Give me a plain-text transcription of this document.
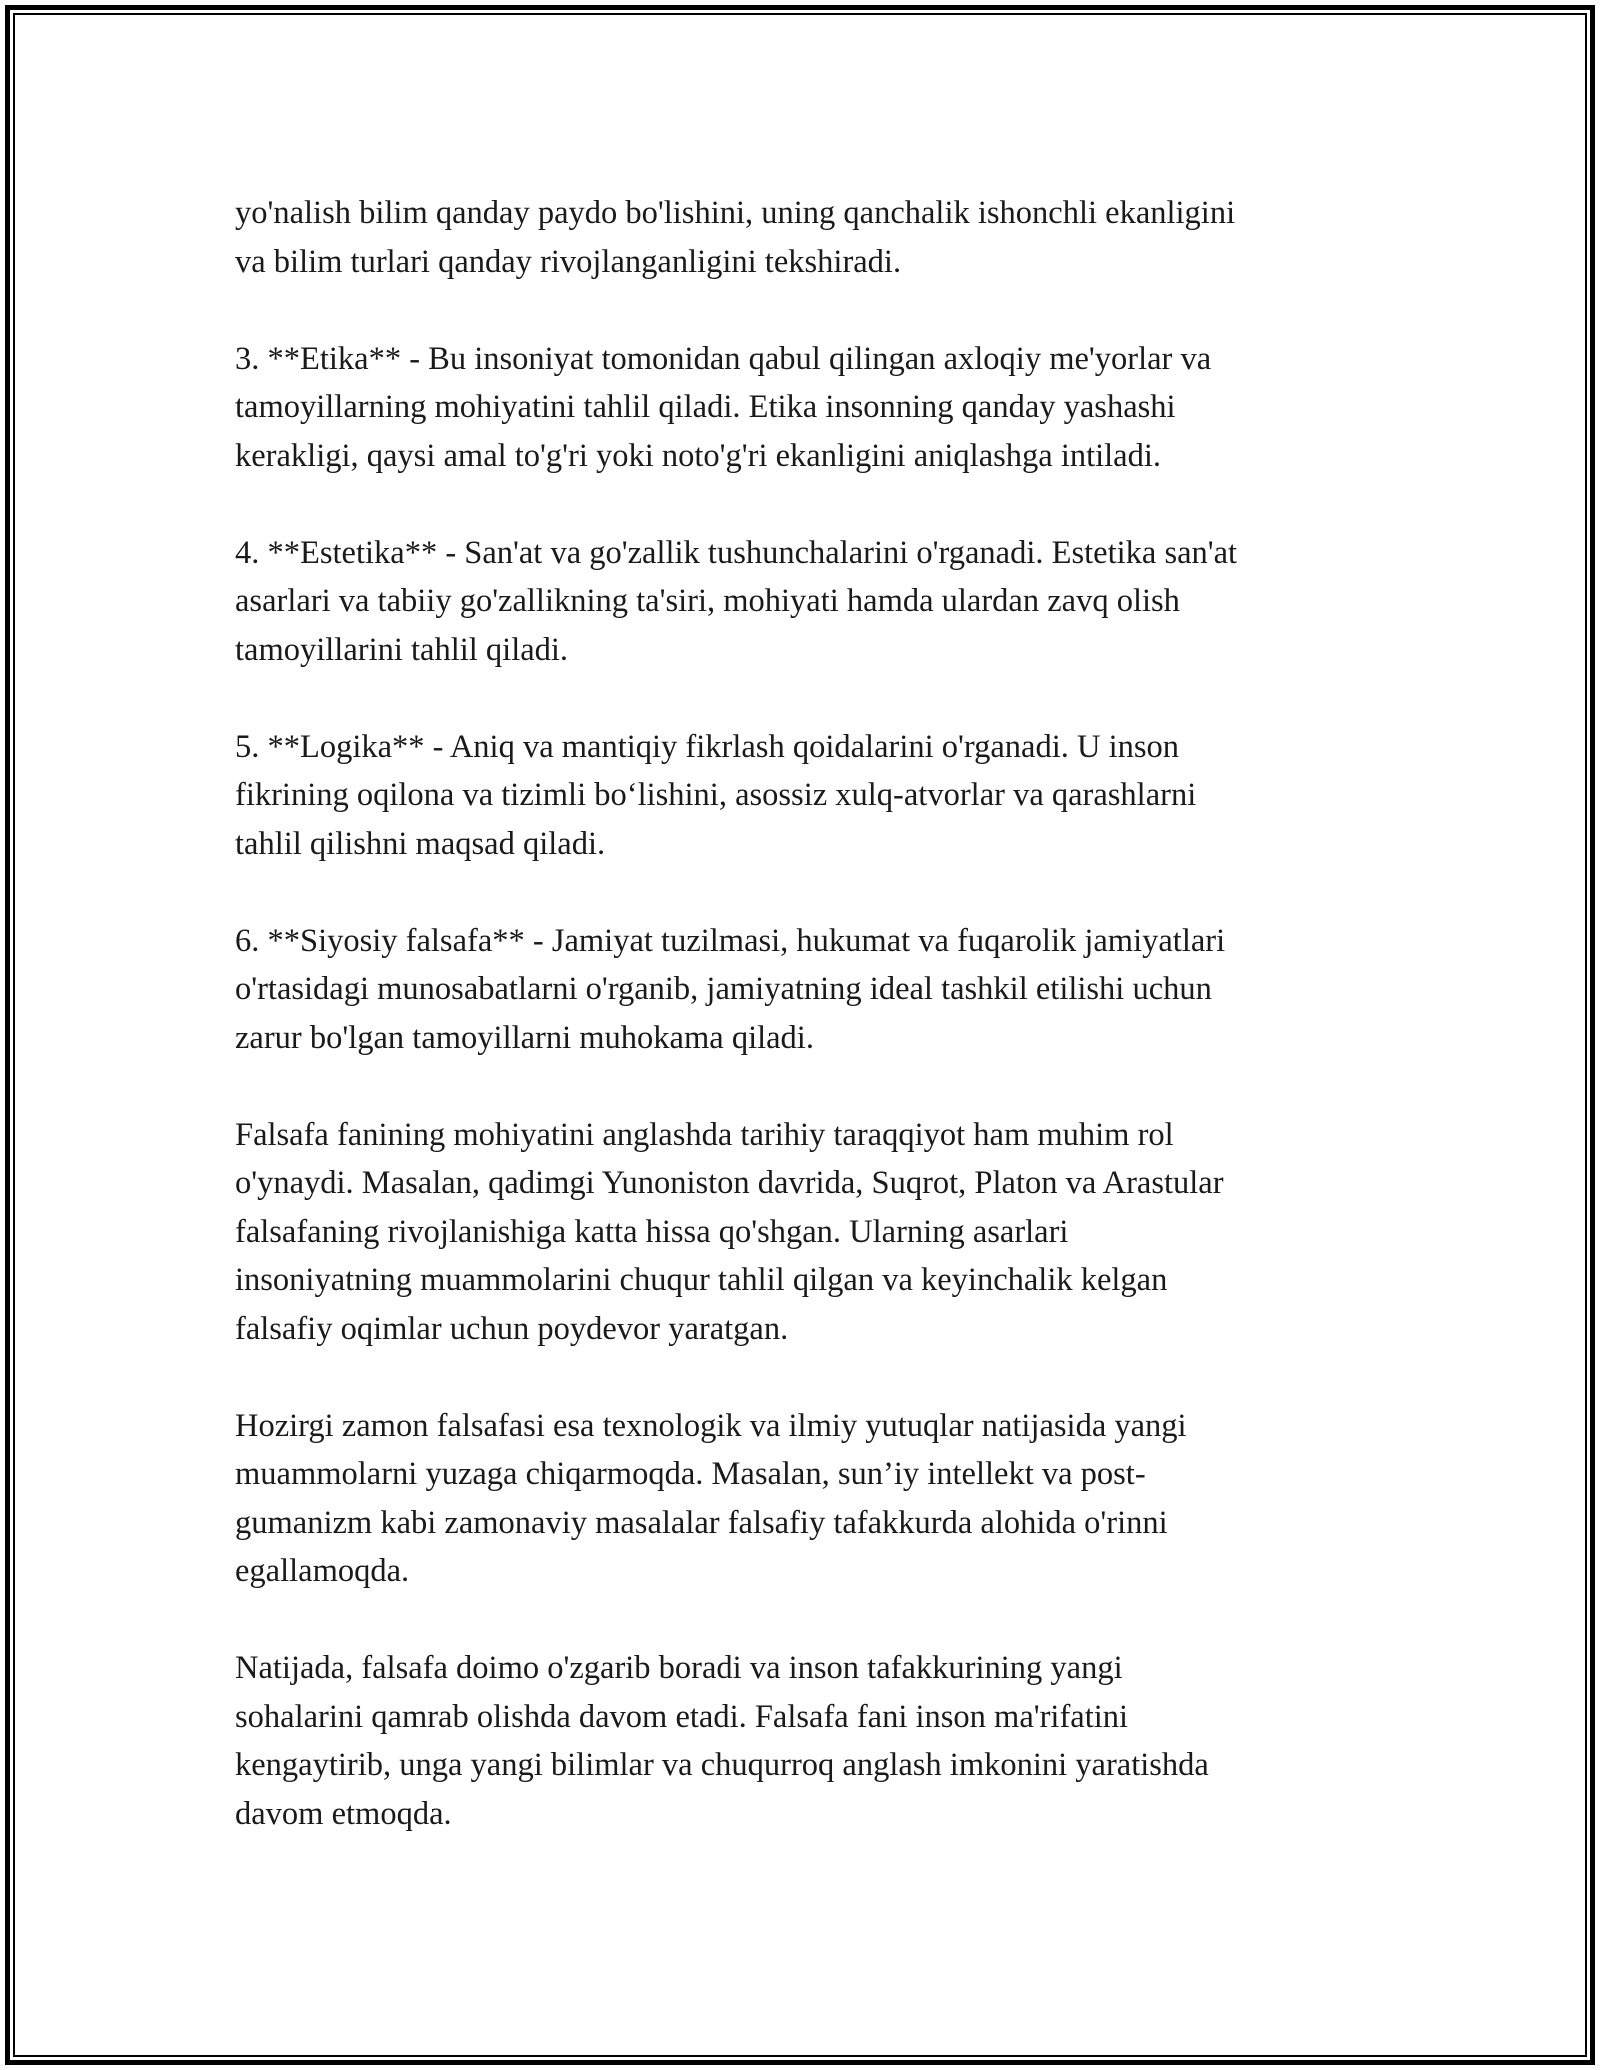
yo'nalish bilim qanday paydo bo'lishini, uning qanchalik ishonchli ekanligini
va bilim turlari qanday rivojlanganligini tekshiradi.

3. **Etika** - Bu insoniyat tomonidan qabul qilingan axloqiy me'yorlar va
tamoyillarning mohiyatini tahlil qiladi. Etika insonning qanday yashashi
kerakligi, qaysi amal to'g'ri yoki noto'g'ri ekanligini aniqlashga intiladi.

4. **Estetika** - San'at va go'zallik tushunchalarini o'rganadi. Estetika san'at
asarlari va tabiiy go'zallikning ta'siri, mohiyati hamda ulardan zavq olish
tamoyillarini tahlil qiladi.

5. **Logika** - Aniq va mantiqiy fikrlash qoidalarini o'rganadi. U inson
fikrining oqilona va tizimli bo‘lishini, asossiz xulq-atvorlar va qarashlarni
tahlil qilishni maqsad qiladi.

6. **Siyosiy falsafa** - Jamiyat tuzilmasi, hukumat va fuqarolik jamiyatlari
o'rtasidagi munosabatlarni o'rganib, jamiyatning ideal tashkil etilishi uchun
zarur bo'lgan tamoyillarni muhokama qiladi.

Falsafa fanining mohiyatini anglashda tarihiy taraqqiyot ham muhim rol
o'ynaydi. Masalan, qadimgi Yunoniston davrida, Suqrot, Platon va Arastular
falsafaning rivojlanishiga katta hissa qo'shgan. Ularning asarlari
insoniyatning muammolarini chuqur tahlil qilgan va keyinchalik kelgan
falsafiy oqimlar uchun poydevor yaratgan.

Hozirgi zamon falsafasi esa texnologik va ilmiy yutuqlar natijasida yangi
muammolarni yuzaga chiqarmoqda. Masalan, sun’iy intellekt va post-
gumanizm kabi zamonaviy masalalar falsafiy tafakkurda alohida o'rinni
egallamoqda.

Natijada, falsafa doimo o'zgarib boradi va inson tafakkurining yangi
sohalarini qamrab olishda davom etadi. Falsafa fani inson ma'rifatini
kengaytirib, unga yangi bilimlar va chuqurroq anglash imkonini yaratishda
davom etmoqda.
